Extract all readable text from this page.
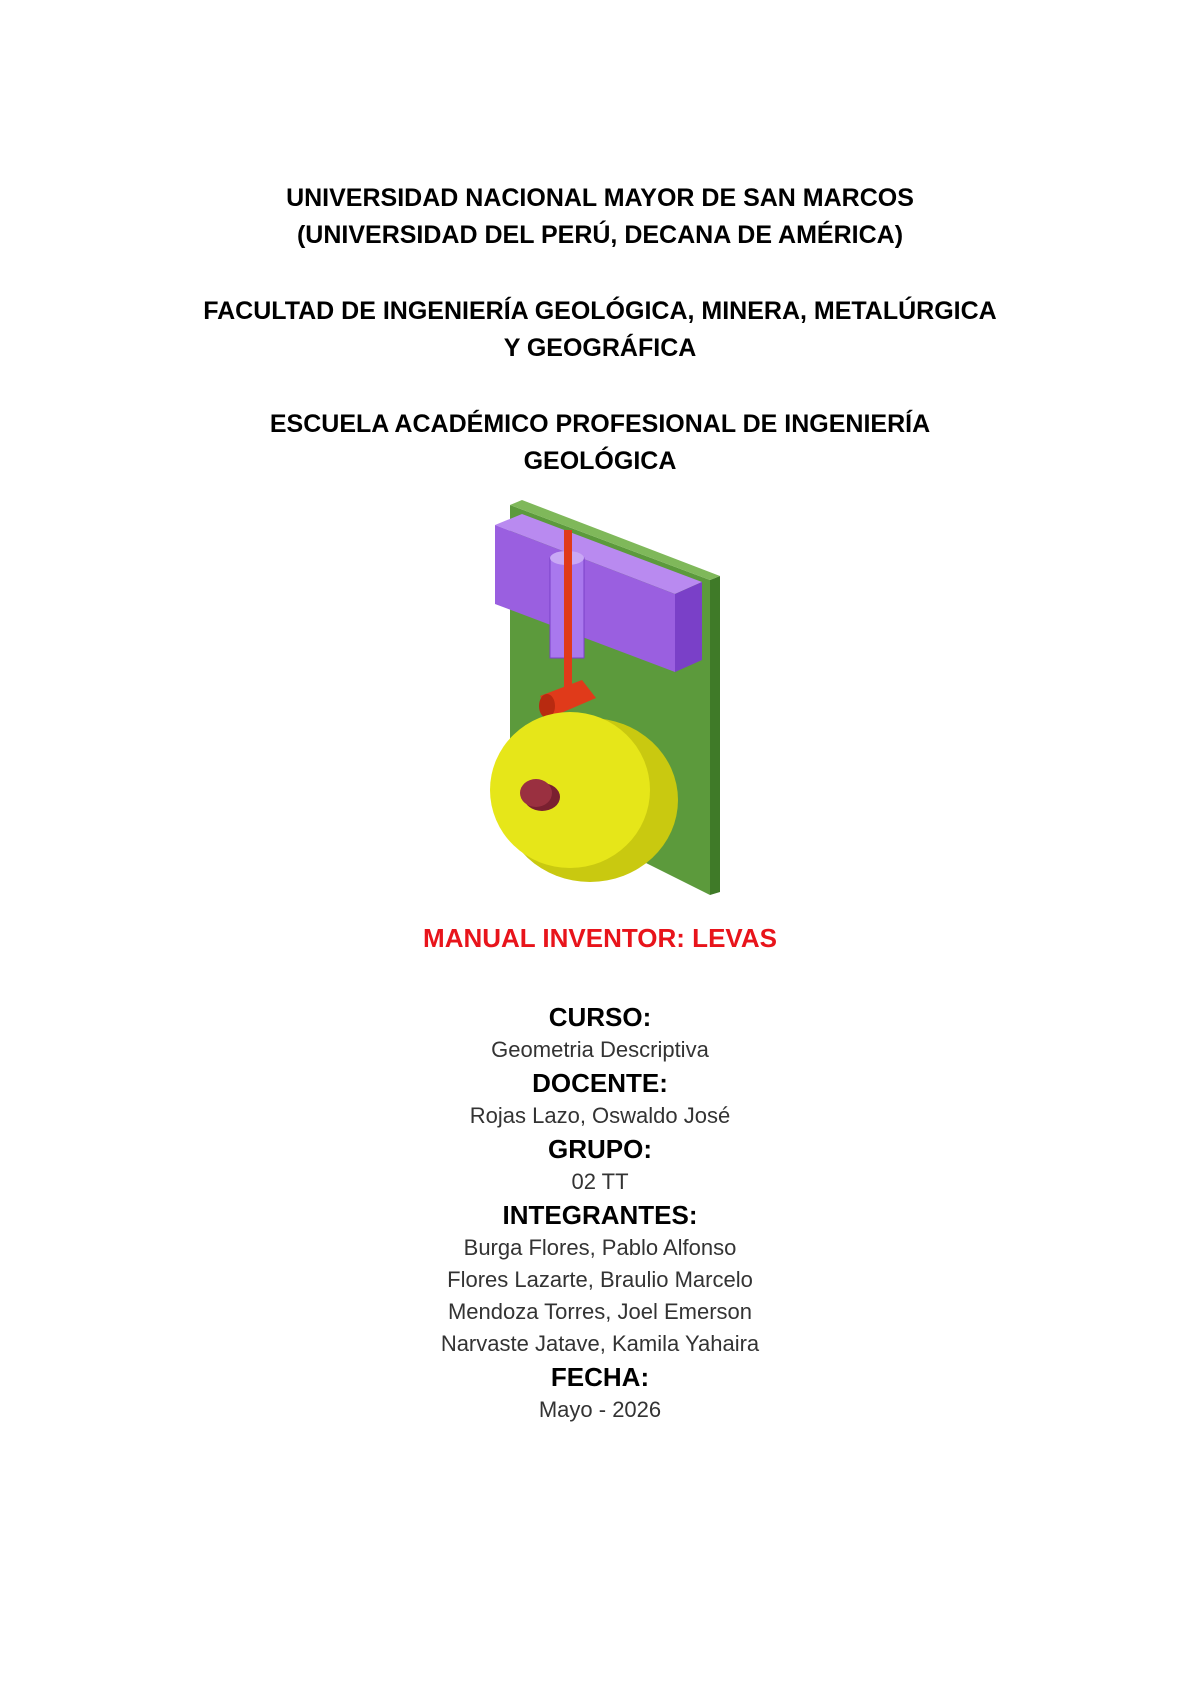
UNIVERSIDAD NACIONAL MAYOR DE SAN MARCOS
(UNIVERSIDAD DEL PERÚ, DECANA DE AMÉRICA)

FACULTAD DE INGENIERÍA GEOLÓGICA, MINERA, METALÚRGICA
Y GEOGRÁFICA

ESCUELA ACADÉMICO PROFESIONAL DE INGENIERÍA
GEOLÓGICA

MANUAL INVENTOR: LEVAS

CURSO:

Geometria Descriptiva

DOCENTE:

Rojas Lazo, Oswaldo José

GRUPO:

02 TT

INTEGRANTES:

Burga Flores, Pablo Alfonso

Flores Lazarte, Braulio Marcelo

Mendoza Torres, Joel Emerson

Narvaste Jatave, Kamila Yahaira

FECHA:

Mayo - 2026
